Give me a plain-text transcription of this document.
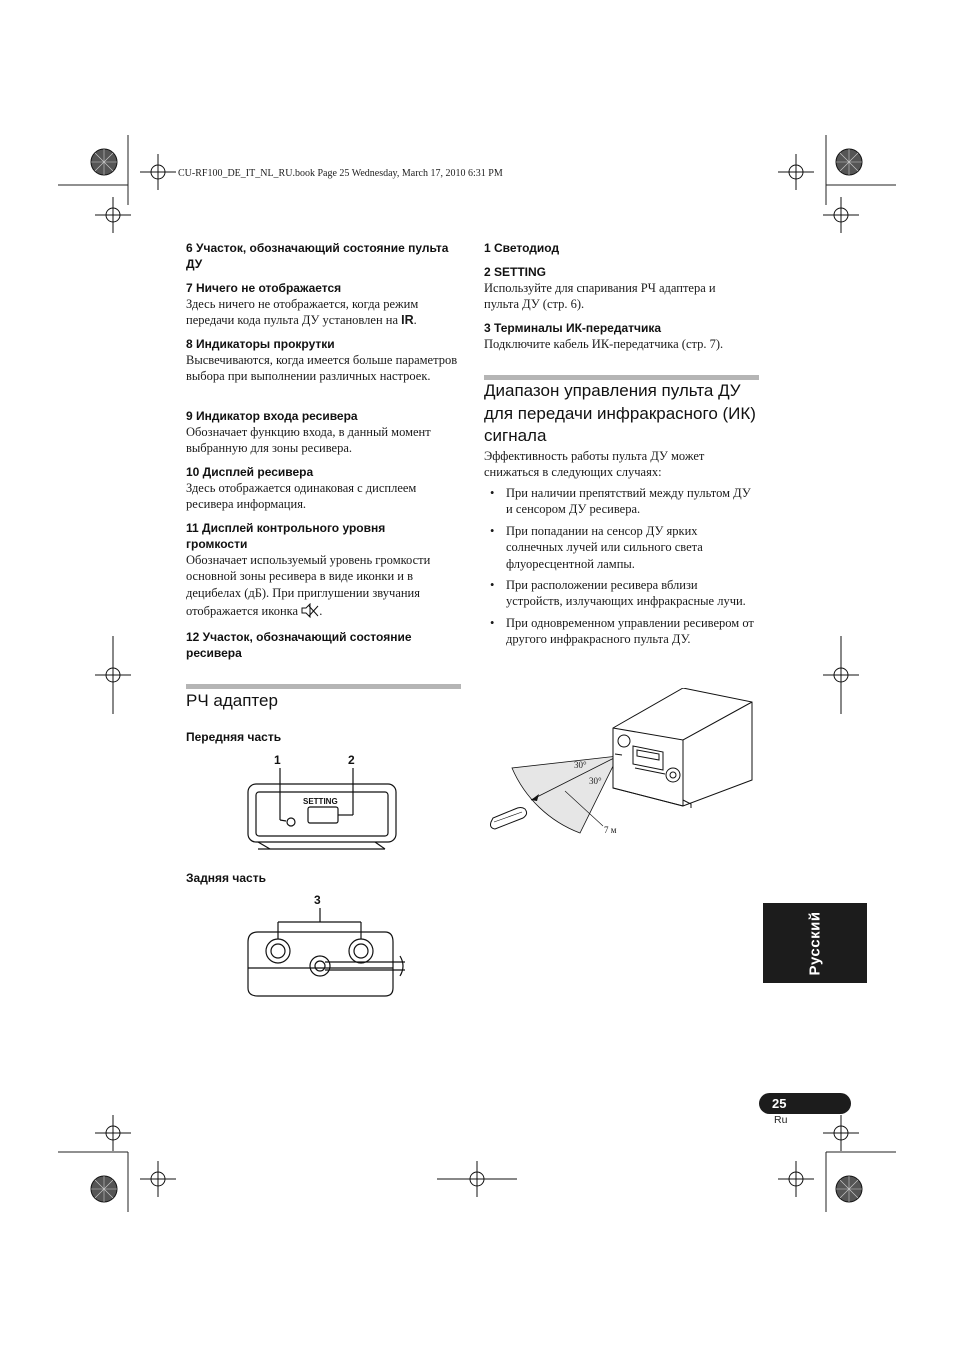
CU-RF100_DE_IT_NL_RU.book Page 25 Wednesday, March 17, 2010 6:31 PM
6 Участок, обозначающий состояние пульта ДУ
7 Ничего не отображается
Здесь ничего не отображается, когда режим передачи кода пульта ДУ установлен на IR.
8 Индикаторы прокрутки
Высвечиваются, когда имеется больше параметров выбора при выполнении различных настроек.
9 Индикатор входа ресивера
Обозначает функцию входа, в данный момент выбранную для зоны ресивера.
10 Дисплей ресивера
Здесь отображается одинаковая с дисплеем ресивера информация.
11 Дисплей контрольного уровня громкости
Обозначает используемый уровень громкости основной зоны ресивера в виде иконки и в децибелах (дБ). При приглушении звучания
отображается иконка .
12 Участок, обозначающий состояние ресивера
РЧ адаптер
Передняя часть
1	2
SETTING
Задняя часть
3
1 Светодиод
2 SETTING
Используйте для спаривания РЧ адаптера и пульта ДУ (стр. 6).
3 Терминалы ИК-передатчика
Подключите кабель ИК-передатчика (стр. 7).
Диапазон управления пульта ДУ для передачи инфракрасного (ИК) сигнала
Эффективность работы пульта ДУ может снижаться в следующих случаях:
• При наличии препятствий между пультом ДУ и сенсором ДУ ресивера.
• При попадании на сенсор ДУ ярких солнечных лучей или сильного света флуоресцентной лампы.
• При расположении ресивера вблизи устройств, излучающих инфракрасные лучи.
• При одновременном управлении ресивером от другого инфракрасного пульта ДУ.
30°
30°
7 м
Русский
25
Ru
